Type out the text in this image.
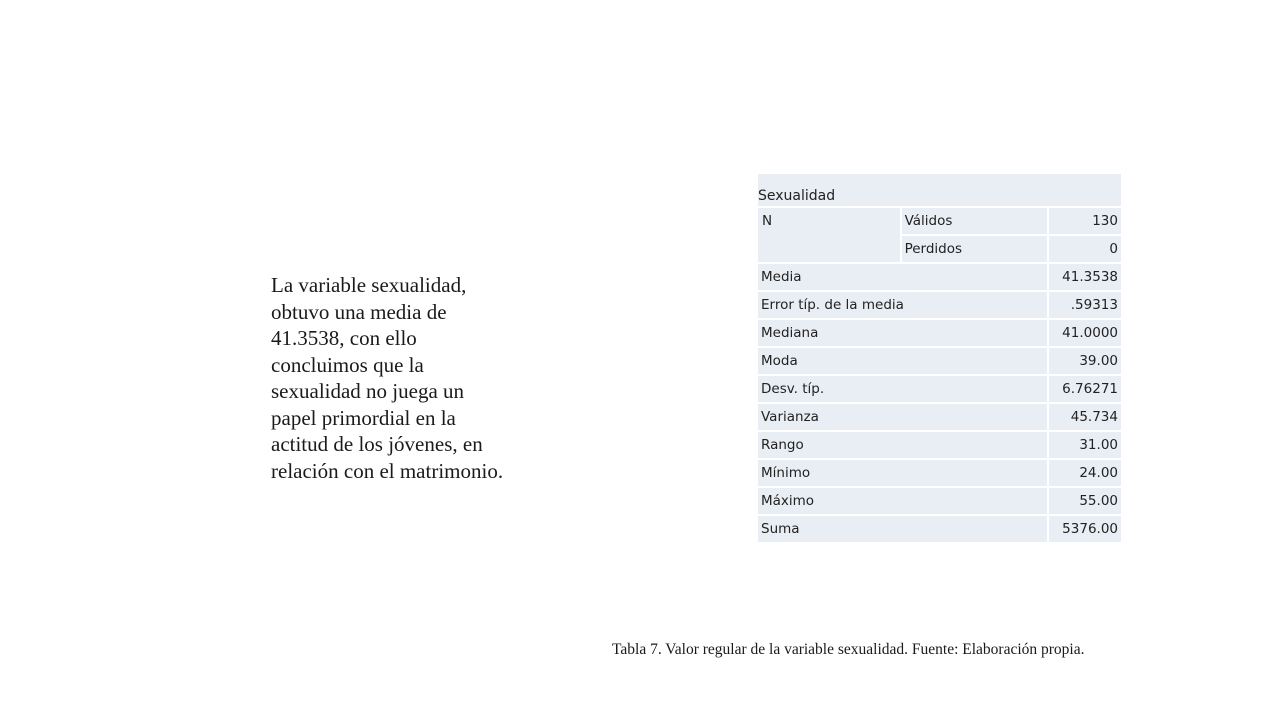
La variable sexualidad, obtuvo una media de 41.3538, con ello concluimos que la sexualidad no juega un papel primordial en la actitud de los jóvenes, en relación con el matrimonio.

Sexualidad		
N	Válidos	130
	Perdidos	0
Media		41.3538
Error típ. de la media		.59313
Mediana		41.0000
Moda		39.00
Desv. típ.		6.76271
Varianza		45.734
Rango		31.00
Mínimo		24.00
Máximo		55.00
Suma		5376.00

Tabla 7. Valor regular de la variable sexualidad. Fuente: Elaboración propia.
